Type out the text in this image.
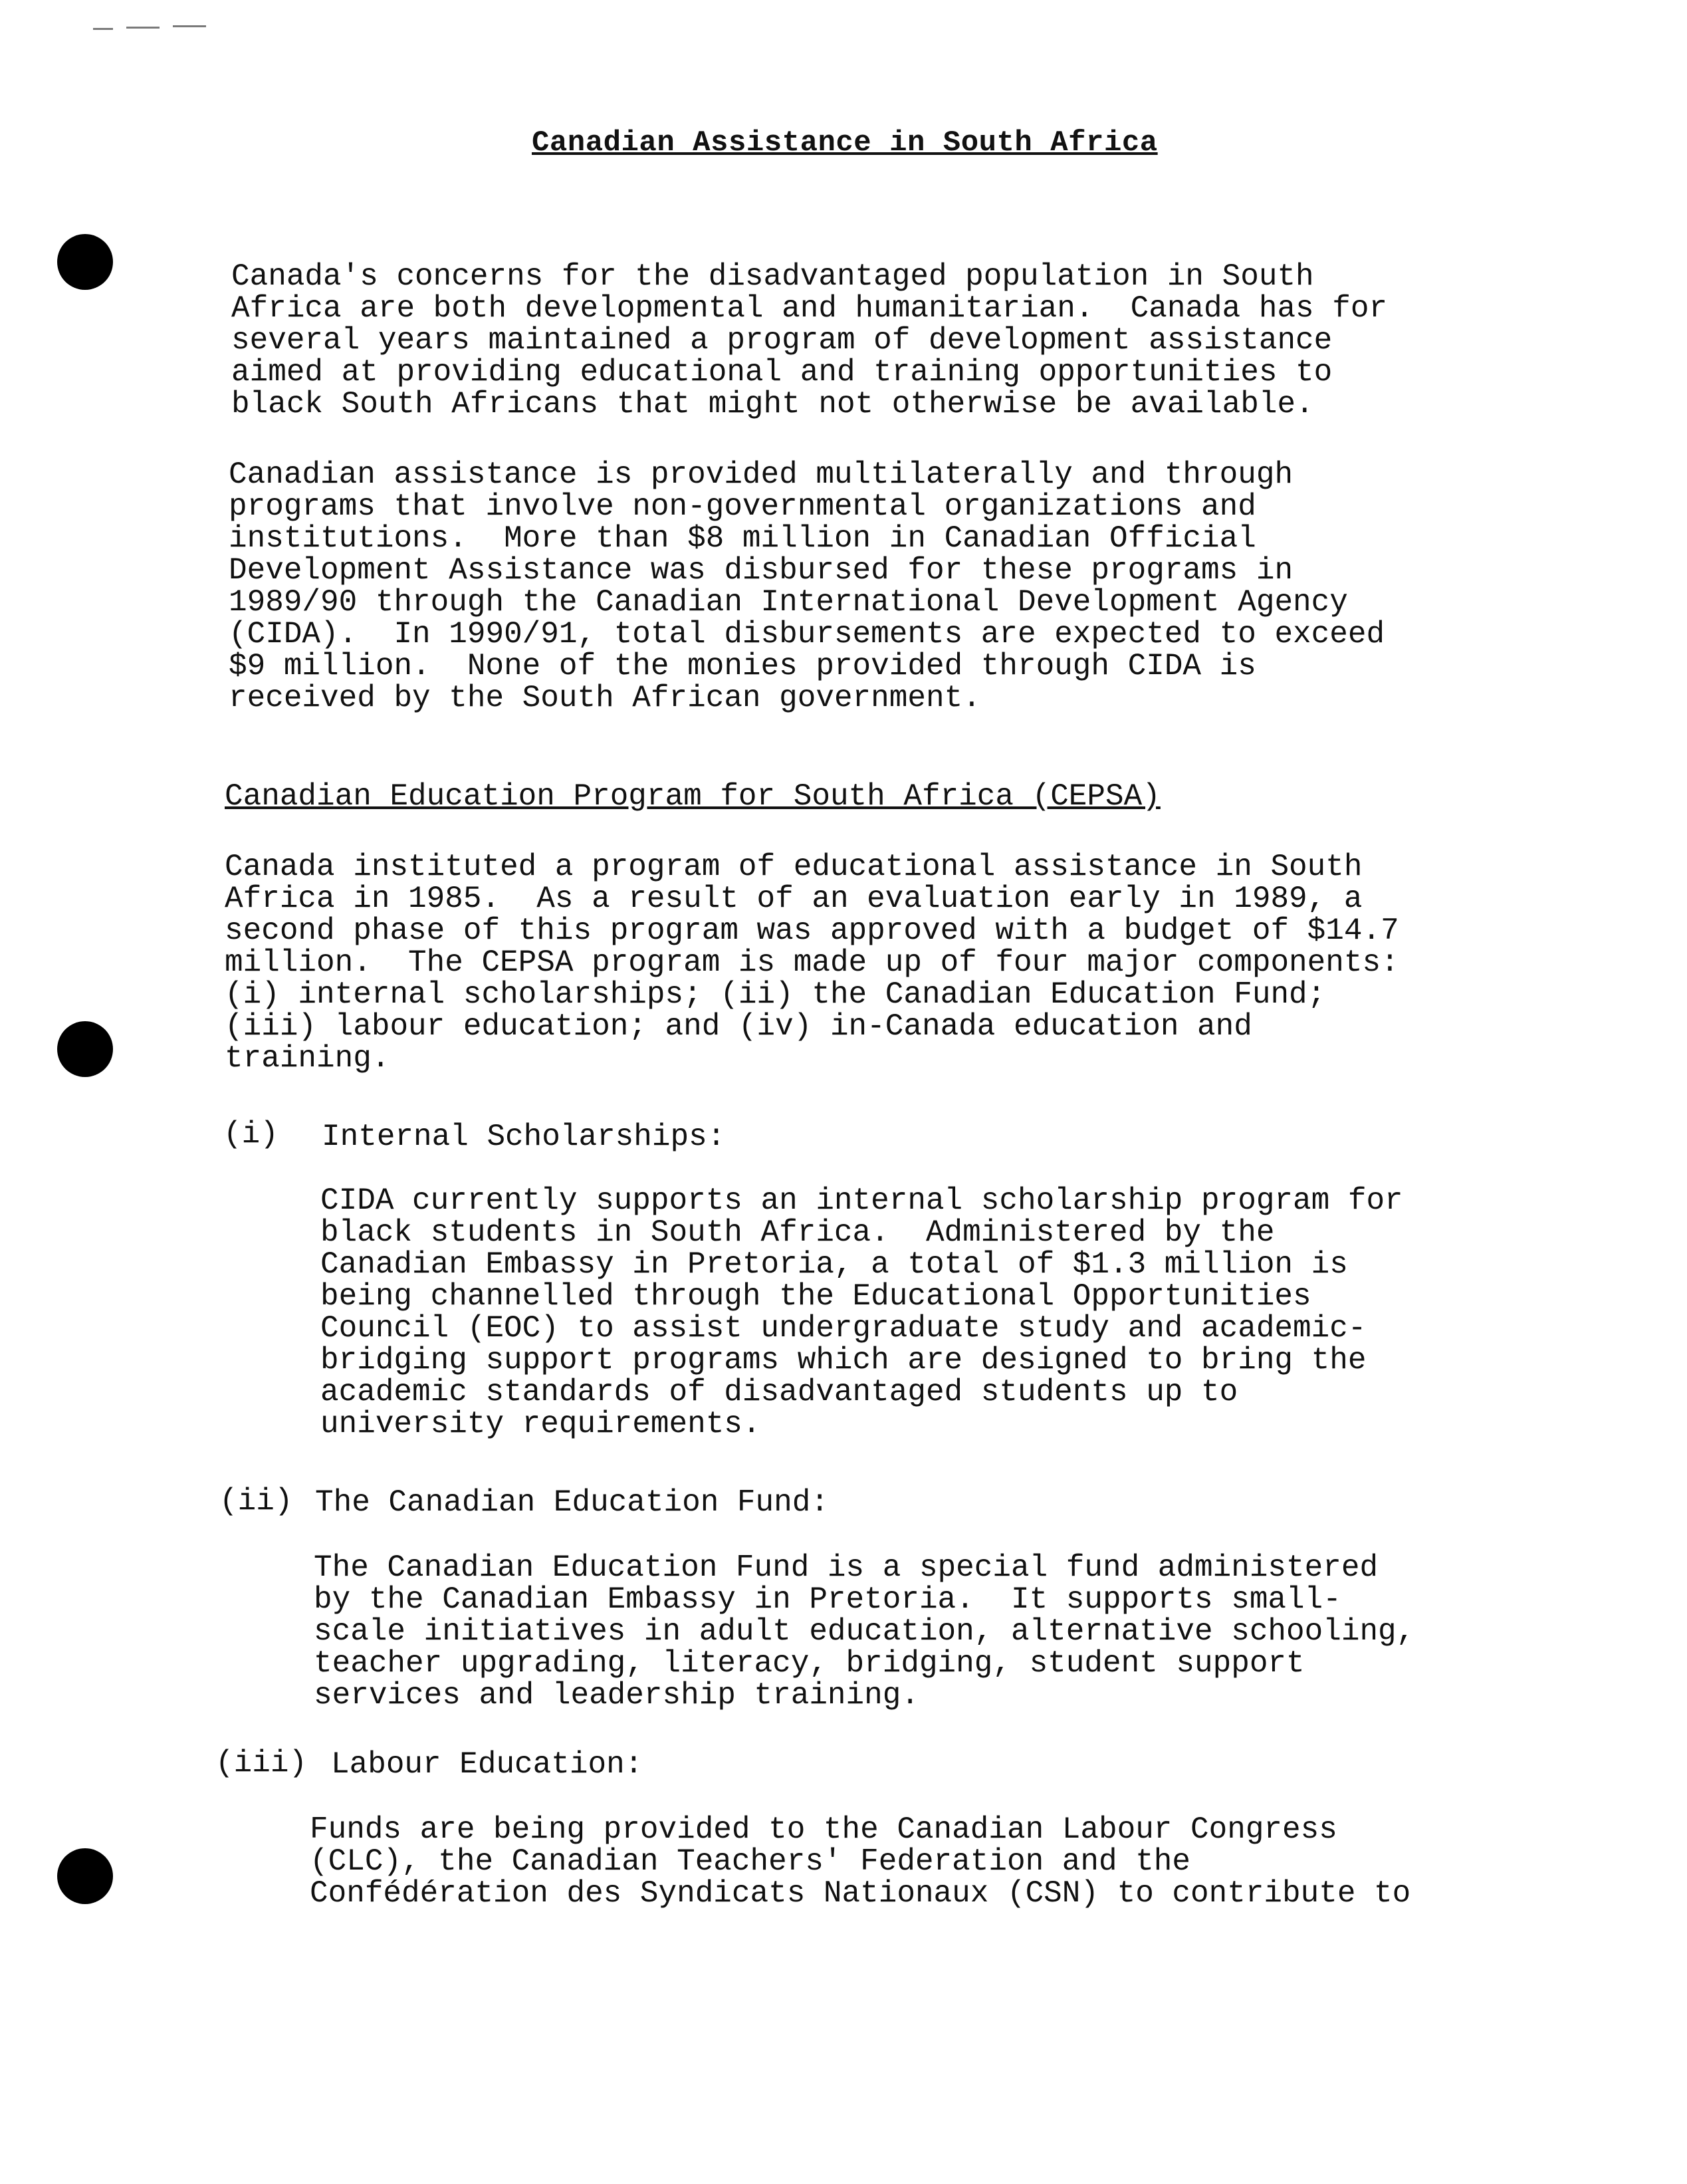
Canadian Assistance in South Africa
Canada's concerns for the disadvantaged population in South
Africa are both developmental and humanitarian.  Canada has for
several years maintained a program of development assistance
aimed at providing educational and training opportunities to
black South Africans that might not otherwise be available.
Canadian assistance is provided multilaterally and through
programs that involve non-governmental organizations and
institutions.  More than $8 million in Canadian Official
Development Assistance was disbursed for these programs in
1989/90 through the Canadian International Development Agency
(CIDA).  In 1990/91, total disbursements are expected to exceed
$9 million.  None of the monies provided through CIDA is
received by the South African government.
Canadian Education Program for South Africa (CEPSA)
Canada instituted a program of educational assistance in South
Africa in 1985.  As a result of an evaluation early in 1989, a
second phase of this program was approved with a budget of $14.7
million.  The CEPSA program is made up of four major components:
(i) internal scholarships; (ii) the Canadian Education Fund;
(iii) labour education; and (iv) in-Canada education and
training.
(i) Internal Scholarships:
CIDA currently supports an internal scholarship program for
black students in South Africa.  Administered by the
Canadian Embassy in Pretoria, a total of $1.3 million is
being channelled through the Educational Opportunities
Council (EOC) to assist undergraduate study and academic-
bridging support programs which are designed to bring the
academic standards of disadvantaged students up to
university requirements.
(ii) The Canadian Education Fund:
The Canadian Education Fund is a special fund administered
by the Canadian Embassy in Pretoria.  It supports small-
scale initiatives in adult education, alternative schooling,
teacher upgrading, literacy, bridging, student support
services and leadership training.
(iii) Labour Education:
Funds are being provided to the Canadian Labour Congress
(CLC), the Canadian Teachers' Federation and the
Confédération des Syndicats Nationaux (CSN) to contribute to
